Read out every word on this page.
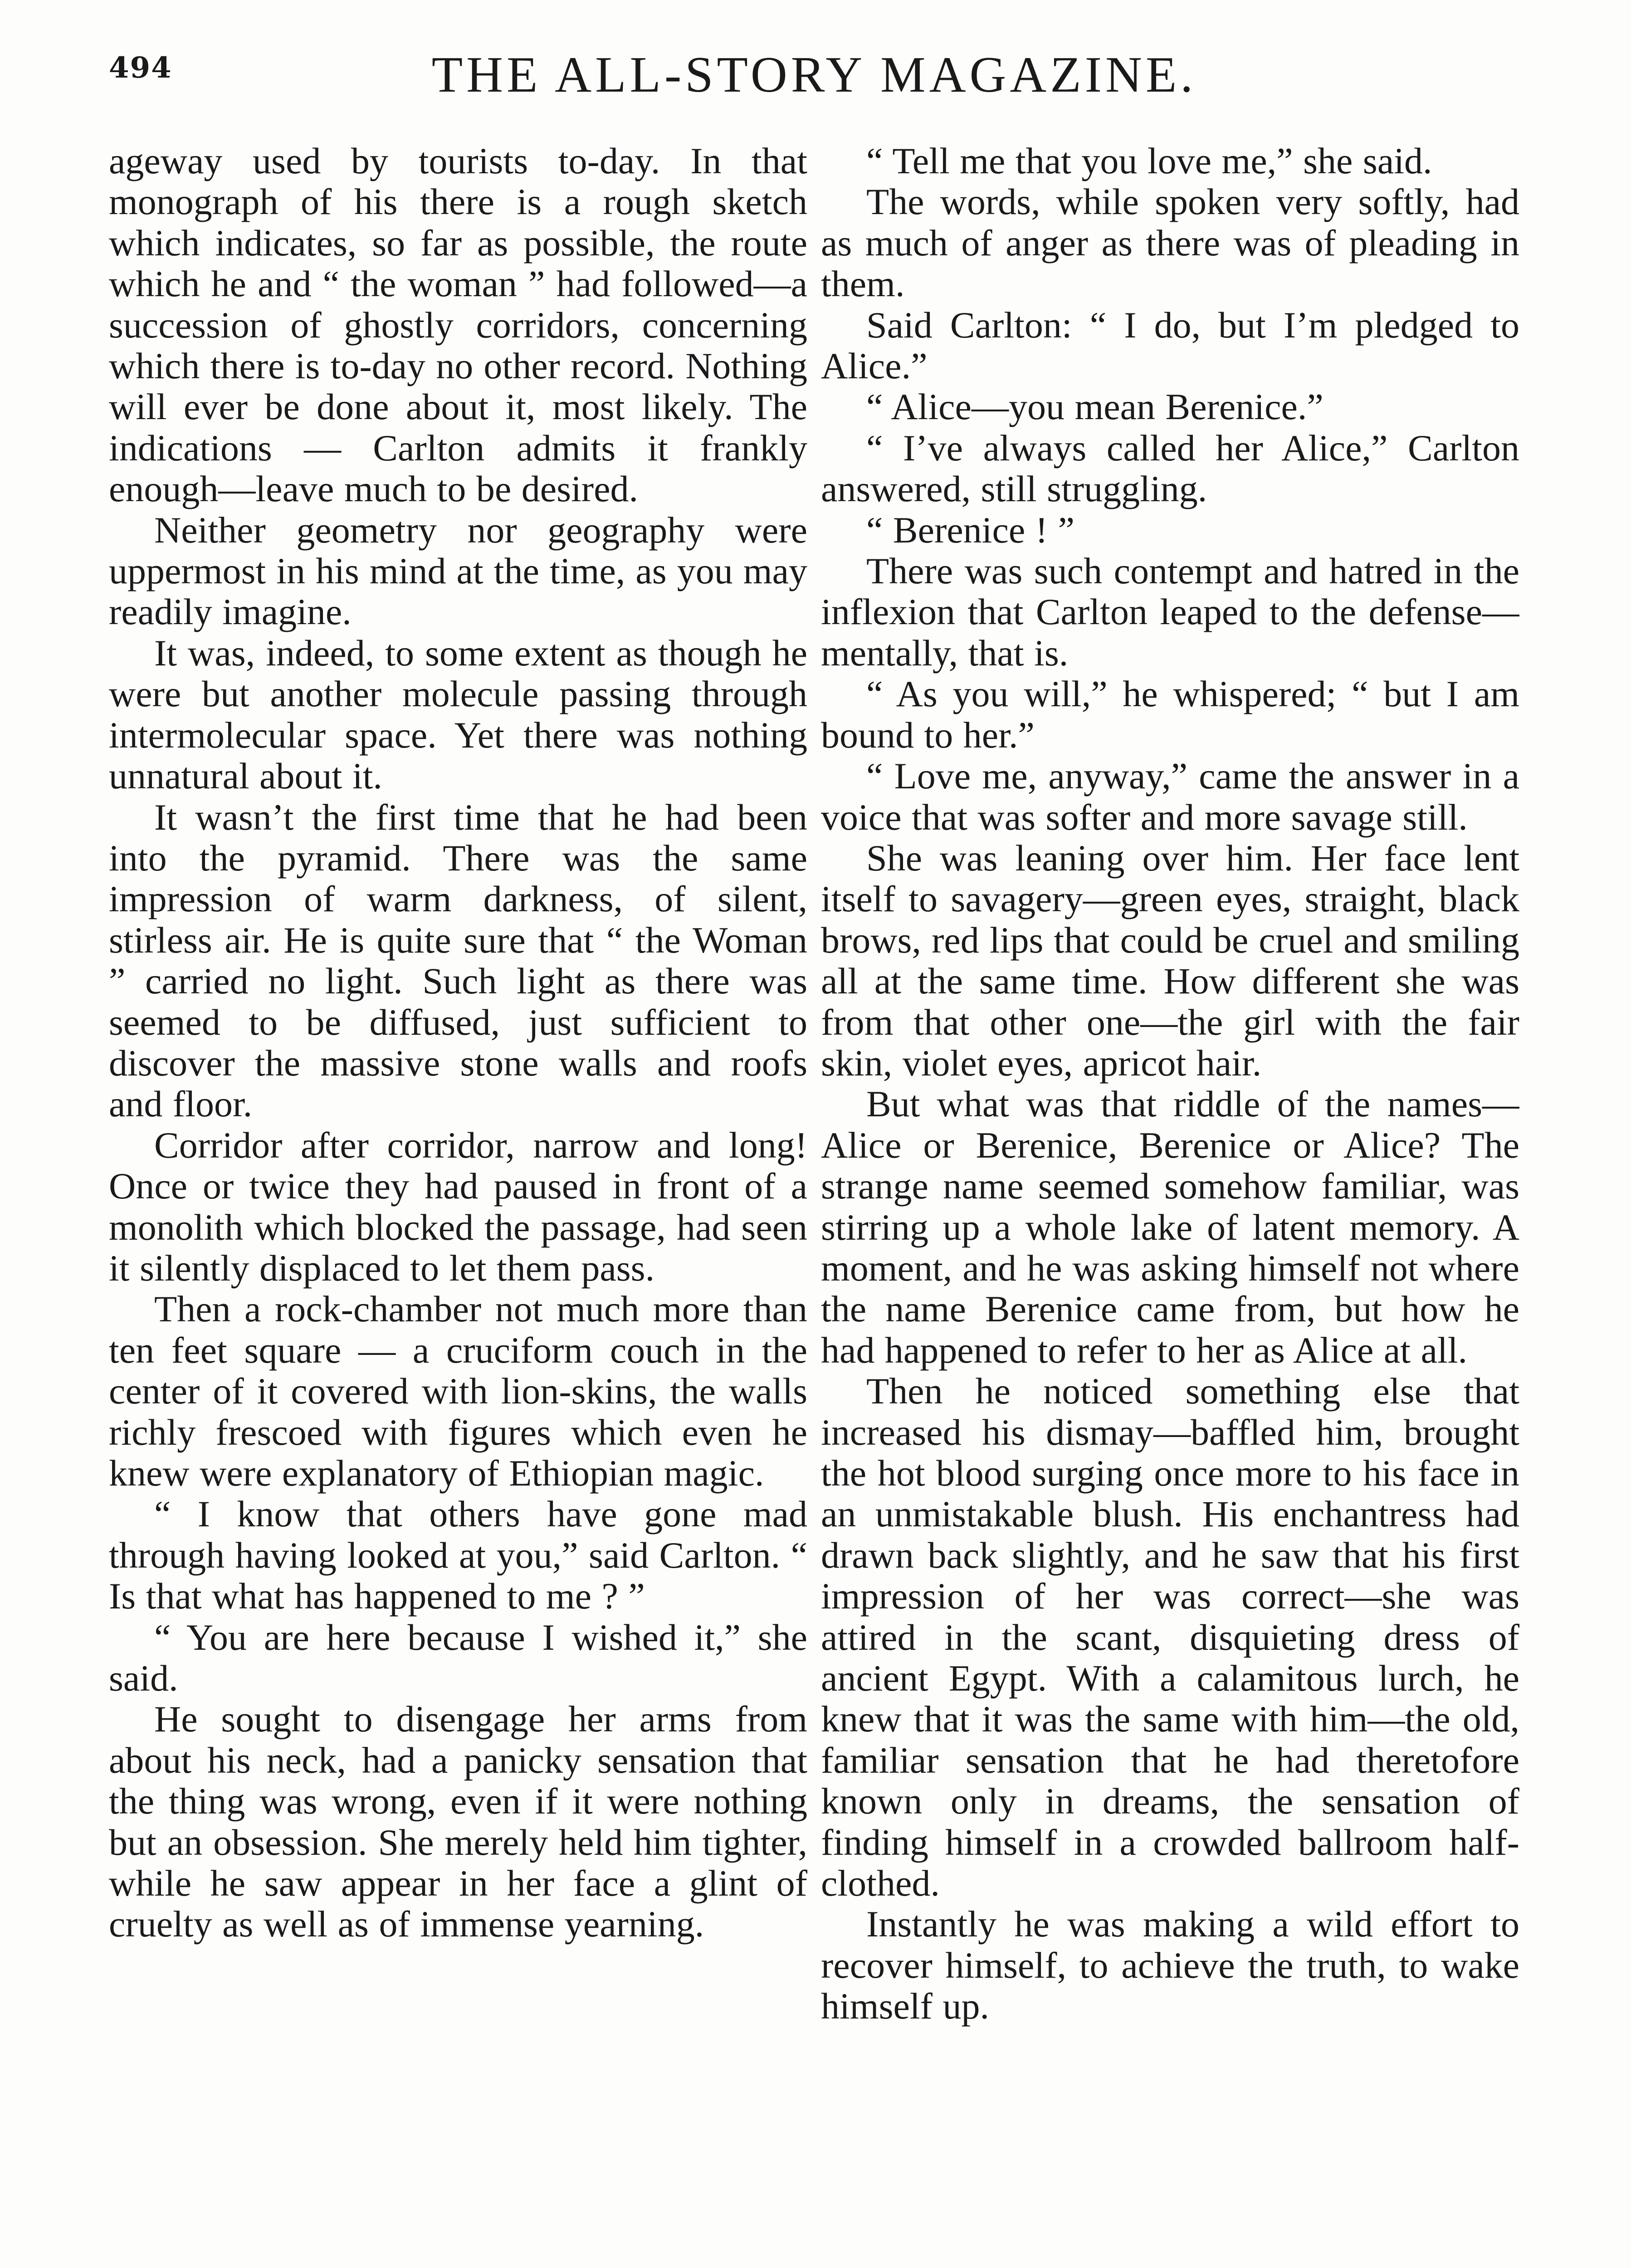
494	THE ALL-STORY MAGAZINE.

ageway used by tourists to-day. In that monograph of his there is a rough sketch which indicates, so far as possible, the route which he and “ the woman ” had followed—a succession of ghostly corridors, concerning which there is to-day no other record. Nothing will ever be done about it, most likely. The indications — Carlton admits it frankly enough—leave much to be desired.

Neither geometry nor geography were uppermost in his mind at the time, as you may readily imagine.

It was, indeed, to some extent as though he were but another molecule passing through intermolecular space. Yet there was nothing unnatural about it.

It wasn’t the first time that he had been into the pyramid. There was the same impression of warm darkness, of silent, stirless air. He is quite sure that “ the Woman ” carried no light. Such light as there was seemed to be diffused, just sufficient to discover the massive stone walls and roofs and floor.

Corridor after corridor, narrow and long! Once or twice they had paused in front of a monolith which blocked the passage, had seen it silently displaced to let them pass.

Then a rock-chamber not much more than ten feet square — a cruciform couch in the center of it covered with lion-skins, the walls richly frescoed with figures which even he knew were explanatory of Ethiopian magic.

“ I know that others have gone mad through having looked at you,” said Carlton. “ Is that what has happened to me ? ”

“ You are here because I wished it,” she said.

He sought to disengage her arms from about his neck, had a panicky sensation that the thing was wrong, even if it were nothing but an obsession. She merely held him tighter, while he saw appear in her face a glint of cruelty as well as of immense yearning.

“ Tell me that you love me,” she said.

The words, while spoken very softly, had as much of anger as there was of pleading in them.

Said Carlton: “ I do, but I’m pledged to Alice.”

“ Alice—you mean Berenice.”

“ I’ve always called her Alice,” Carlton answered, still struggling.

“ Berenice ! ”

There was such contempt and hatred in the inflexion that Carlton leaped to the defense—mentally, that is.

“ As you will,” he whispered; “ but I am bound to her.”

“ Love me, anyway,” came the answer in a voice that was softer and more savage still.

She was leaning over him. Her face lent itself to savagery—green eyes, straight, black brows, red lips that could be cruel and smiling all at the same time. How different she was from that other one—the girl with the fair skin, violet eyes, apricot hair.

But what was that riddle of the names—Alice or Berenice, Berenice or Alice? The strange name seemed somehow familiar, was stirring up a whole lake of latent memory. A moment, and he was asking himself not where the name Berenice came from, but how he had happened to refer to her as Alice at all.

Then he noticed something else that increased his dismay—baffled him, brought the hot blood surging once more to his face in an unmistakable blush. His enchantress had drawn back slightly, and he saw that his first impression of her was correct—she was attired in the scant, disquieting dress of ancient Egypt. With a calamitous lurch, he knew that it was the same with him—the old, familiar sensation that he had theretofore known only in dreams, the sensation of finding himself in a crowded ballroom half-clothed.

Instantly he was making a wild effort to recover himself, to achieve the truth, to wake himself up.
